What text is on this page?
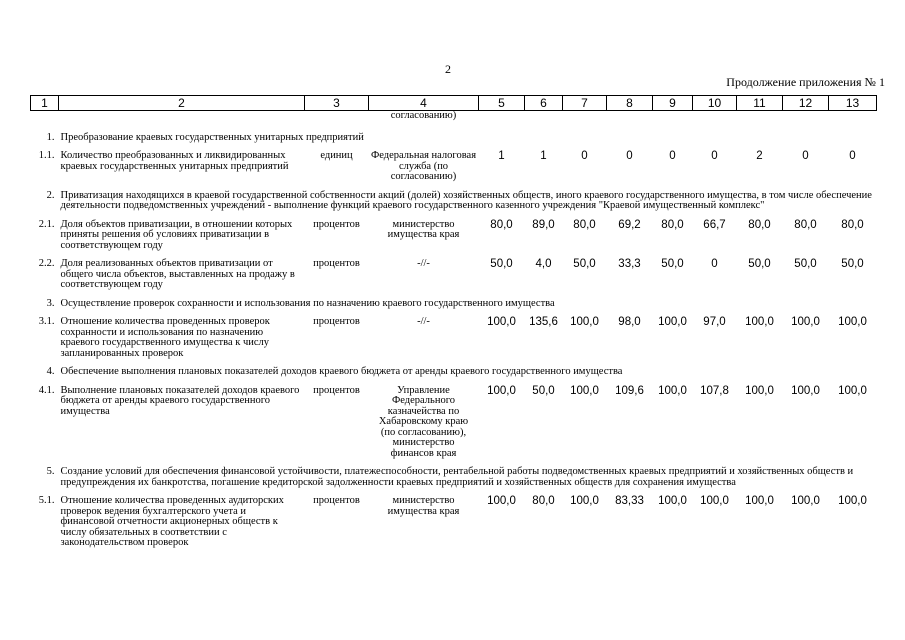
2
Продолжение приложения № 1
1	2	3	4	5	6	7	8	9	10	11	12	13
			согласованию)									

1.	Преобразование краевых государственных унитарных предприятий											

1.1.	Количество преобразованных и ликвидированных краевых государственных унитарных предприятий	единиц	Федеральная налоговая служба (по согласованию)	1	1	0	0	0	0	2	0	0

2.	Приватизация находящихся в краевой государственной собственности акций (долей) хозяйственных обществ, иного краевого государственного имущества, в том числе обеспечение деятельности подведомственных учреждений - выполнение функций краевого государственного казенного учреждения "Краевой имущественный комплекс"											

2.1.	Доля объектов приватизации, в отношении которых приняты решения об условиях приватизации в соответствующем году	процентов	министерство имущества края	80,0	89,0	80,0	69,2	80,0	66,7	80,0	80,0	80,0

2.2.	Доля реализованных объектов приватизации от общего числа объектов, выставленных на продажу в соответствующем году	процентов	-//-	50,0	4,0	50,0	33,3	50,0	0	50,0	50,0	50,0

3.	Осуществление проверок сохранности и использования по назначению краевого государственного имущества											

3.1.	Отношение количества проведенных проверок сохранности и использования по назначению краевого государственного имущества к числу запланированных проверок	процентов	-//-	100,0	135,6	100,0	98,0	100,0	97,0	100,0	100,0	100,0

4.	Обеспечение выполнения плановых показателей доходов краевого бюджета от аренды краевого государственного имущества											

4.1.	Выполнение плановых показателей доходов краевого бюджета от аренды краевого государственного имущества	процентов	Управление Федерального казначейства по Хабаровскому краю (по согласованию), министерство финансов края	100,0	50,0	100,0	109,6	100,0	107,8	100,0	100,0	100,0

5.	Создание условий для обеспечения финансовой устойчивости, платежеспособности, рентабельной работы подведомственных краевых предприятий и хозяйственных обществ и предупреждения их банкротства, погашение кредиторской задолженности краевых предприятий и хозяйственных обществ для сохранения имущества											

5.1.	Отношение количества проведенных аудиторских проверок ведения бухгалтерского учета и финансовой отчетности акционерных обществ к числу обязательных в соответствии с законодательством проверок	процентов	министерство имущества края	100,0	80,0	100,0	83,33	100,0	100,0	100,0	100,0	100,0
